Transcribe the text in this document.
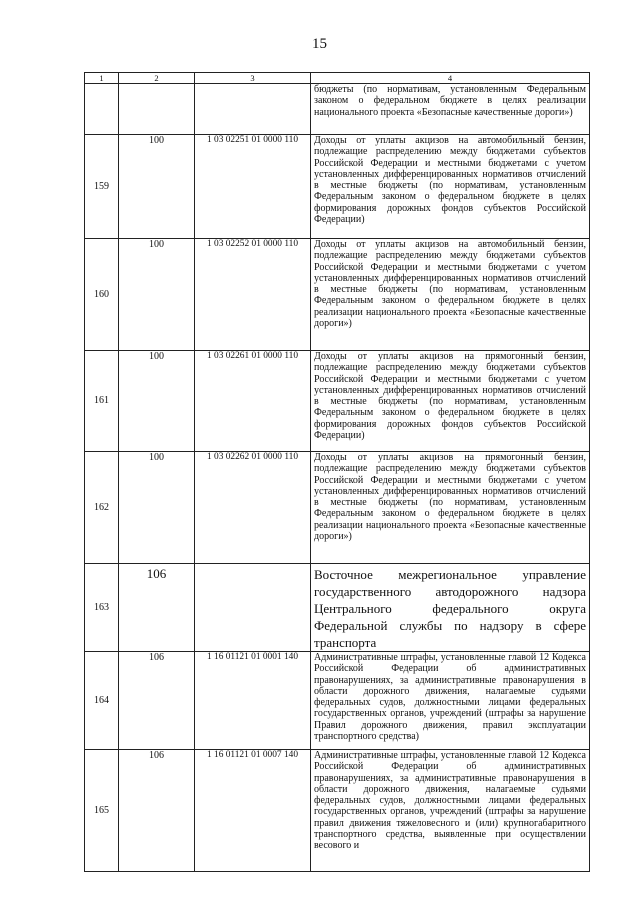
15
1	2	3	4
			бюджеты (по нормативам, установленным Федеральным законом о федеральном бюджете в целях реализации национального проекта «Безопасные качественные дороги»)
159	100	1 03 02251 01 0000 110	Доходы от уплаты акцизов на автомобильный бензин, подлежащие распределению между бюджетами субъектов Российской Федерации и местными бюджетами с учетом установленных дифференцированных нормативов отчислений в местные бюджеты (по нормативам, установленным Федеральным законом о федеральном бюджете в целях формирования дорожных фондов субъектов Российской Федерации)
160	100	1 03 02252 01 0000 110	Доходы от уплаты акцизов на автомобильный бензин, подлежащие распределению между бюджетами субъектов Российской Федерации и местными бюджетами с учетом установленных дифференцированных нормативов отчислений в местные бюджеты (по нормативам, установленным Федеральным законом о федеральном бюджете в целях реализации национального проекта «Безопасные качественные дороги»)
161	100	1 03 02261 01 0000 110	Доходы от уплаты акцизов на прямогонный бензин, подлежащие распределению между бюджетами субъектов Российской Федерации и местными бюджетами с учетом установленных дифференцированных нормативов отчислений в местные бюджеты (по нормативам, установленным Федеральным законом о федеральном бюджете в целях формирования дорожных фондов субъектов Российской Федерации)
162	100	1 03 02262 01 0000 110	Доходы от уплаты акцизов на прямогонный бензин, подлежащие распределению между бюджетами субъектов Российской Федерации и местными бюджетами с учетом установленных дифференцированных нормативов отчислений в местные бюджеты (по нормативам, установленным Федеральным законом о федеральном бюджете в целях реализации национального проекта «Безопасные качественные дороги»)
163	106		Восточное межрегиональное управление государственного автодорожного надзора Центрального федерального округа Федеральной службы по надзору в сфере транспорта
164	106	1 16 01121 01 0001 140	Административные штрафы, установленные главой 12 Кодекса Российской Федерации об административных правонарушениях, за административные правонарушения в области дорожного движения, налагаемые судьями федеральных судов, должностными лицами федеральных государственных органов, учреждений (штрафы за нарушение Правил дорожного движения, правил эксплуатации транспортного средства)
165	106	1 16 01121 01 0007 140	Административные штрафы, установленные главой 12 Кодекса Российской Федерации об административных правонарушениях, за административные правонарушения в области дорожного движения, налагаемые судьями федеральных судов, должностными лицами федеральных государственных органов, учреждений (штрафы за нарушение правил движения тяжеловесного и (или) крупногабаритного транспортного средства, выявленные при осуществлении весового и
